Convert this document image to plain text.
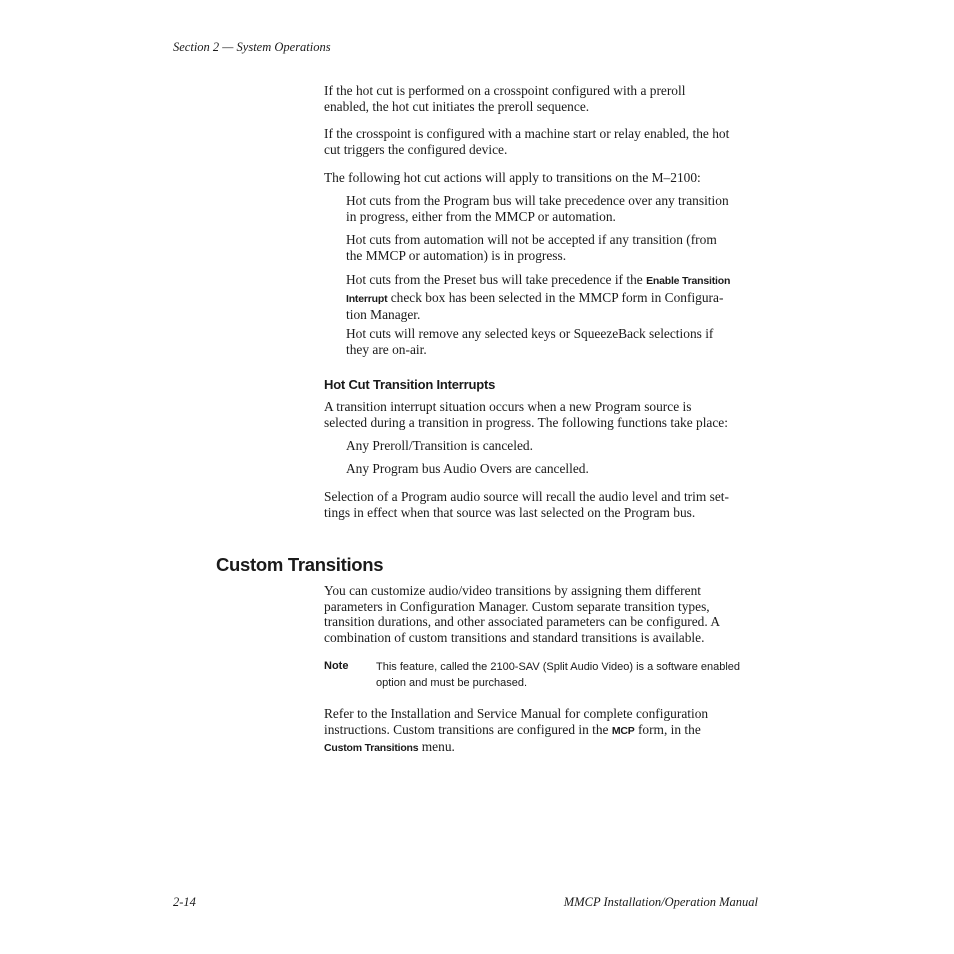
Section 2 — System Operations
If the hot cut is performed on a crosspoint configured with a preroll
enabled, the hot cut initiates the preroll sequence.
If the crosspoint is configured with a machine start or relay enabled, the hot
cut triggers the configured device.
The following hot cut actions will apply to transitions on the M–2100:
Hot cuts from the Program bus will take precedence over any transition
in progress, either from the MMCP or automation.
Hot cuts from automation will not be accepted if any transition (from
the MMCP or automation) is in progress.
Hot cuts from the Preset bus will take precedence if the Enable Transition
Interrupt check box has been selected in the MMCP form in Configura-
tion Manager.
Hot cuts will remove any selected keys or SqueezeBack selections if
they are on-air.
Hot Cut Transition Interrupts
A transition interrupt situation occurs when a new Program source is
selected during a transition in progress. The following functions take place:
Any Preroll/Transition is canceled.
Any Program bus Audio Overs are cancelled.
Selection of a Program audio source will recall the audio level and trim set-
tings in effect when that source was last selected on the Program bus.
Custom Transitions
You can customize audio/video transitions by assigning them different
parameters in Configuration Manager. Custom separate transition types,
transition durations, and other associated parameters can be configured. A
combination of custom transitions and standard transitions is available.
Note	This feature, called the 2100-SAV (Split Audio Video) is a software enabled
option and must be purchased.
Refer to the Installation and Service Manual for complete configuration
instructions. Custom transitions are configured in the MCP form, in the
Custom Transitions menu.
2-14	MMCP Installation/Operation Manual
